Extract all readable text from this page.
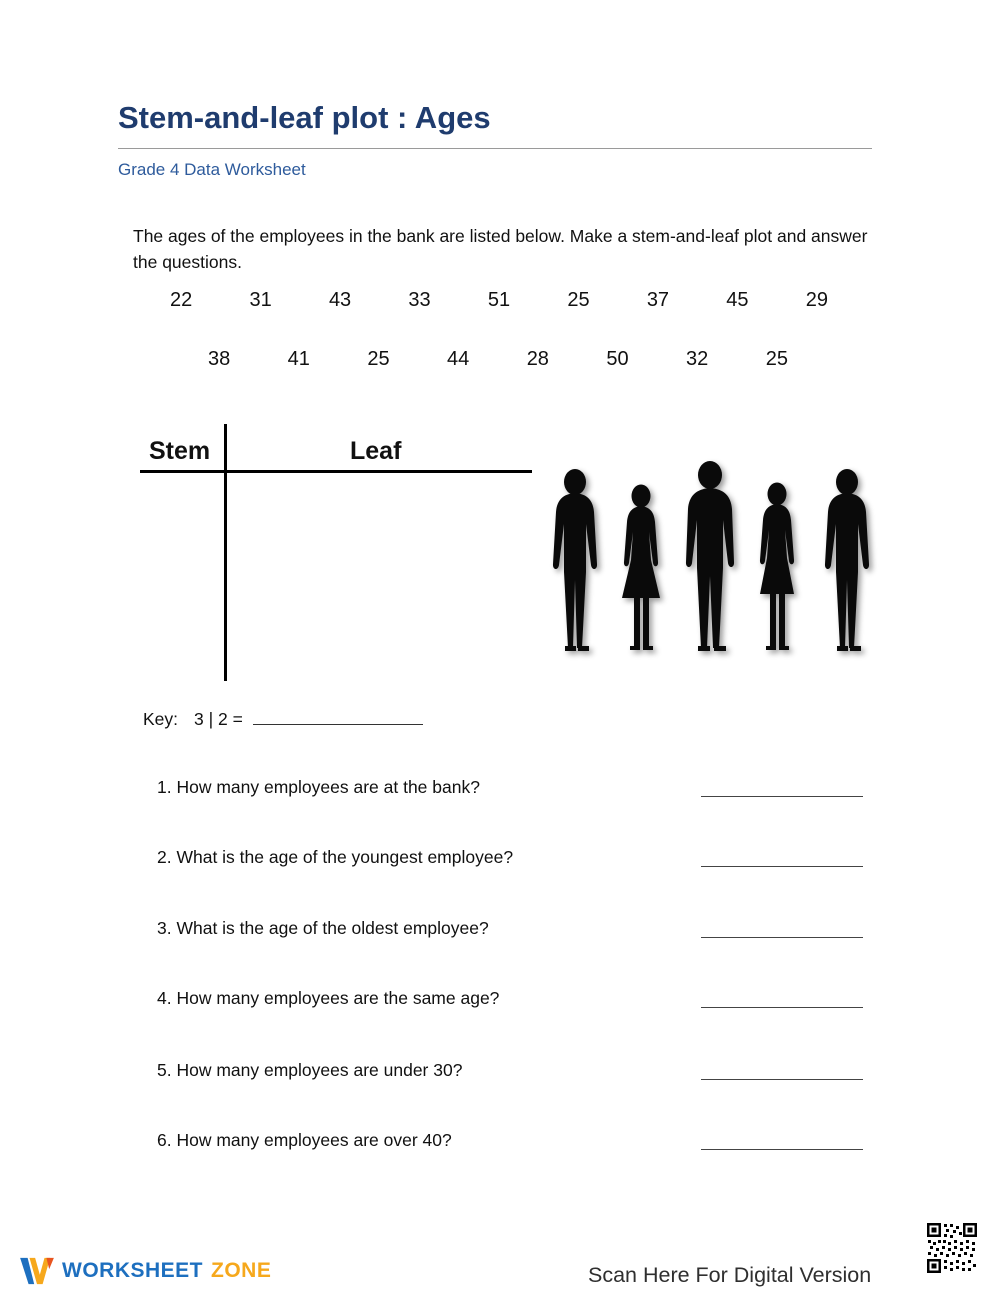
Stem-and-leaf plot : Ages
Grade 4 Data Worksheet

The ages of the employees in the bank are listed below. Make a stem-and-leaf plot and answer the questions.

22	31	43	33	51	25	37	45	29
38	41	25	44	28	50	32	25
Stem	Leaf
Key: 3 | 2 =
1. How many employees are at the bank?
2. What is the age of the youngest employee?
3. What is the age of the oldest employee?
4. How many employees are the same age?
5. How many employees are under 30?
6. How many employees are over 40?
WORKSHEET ZONE	Scan Here For Digital Version
